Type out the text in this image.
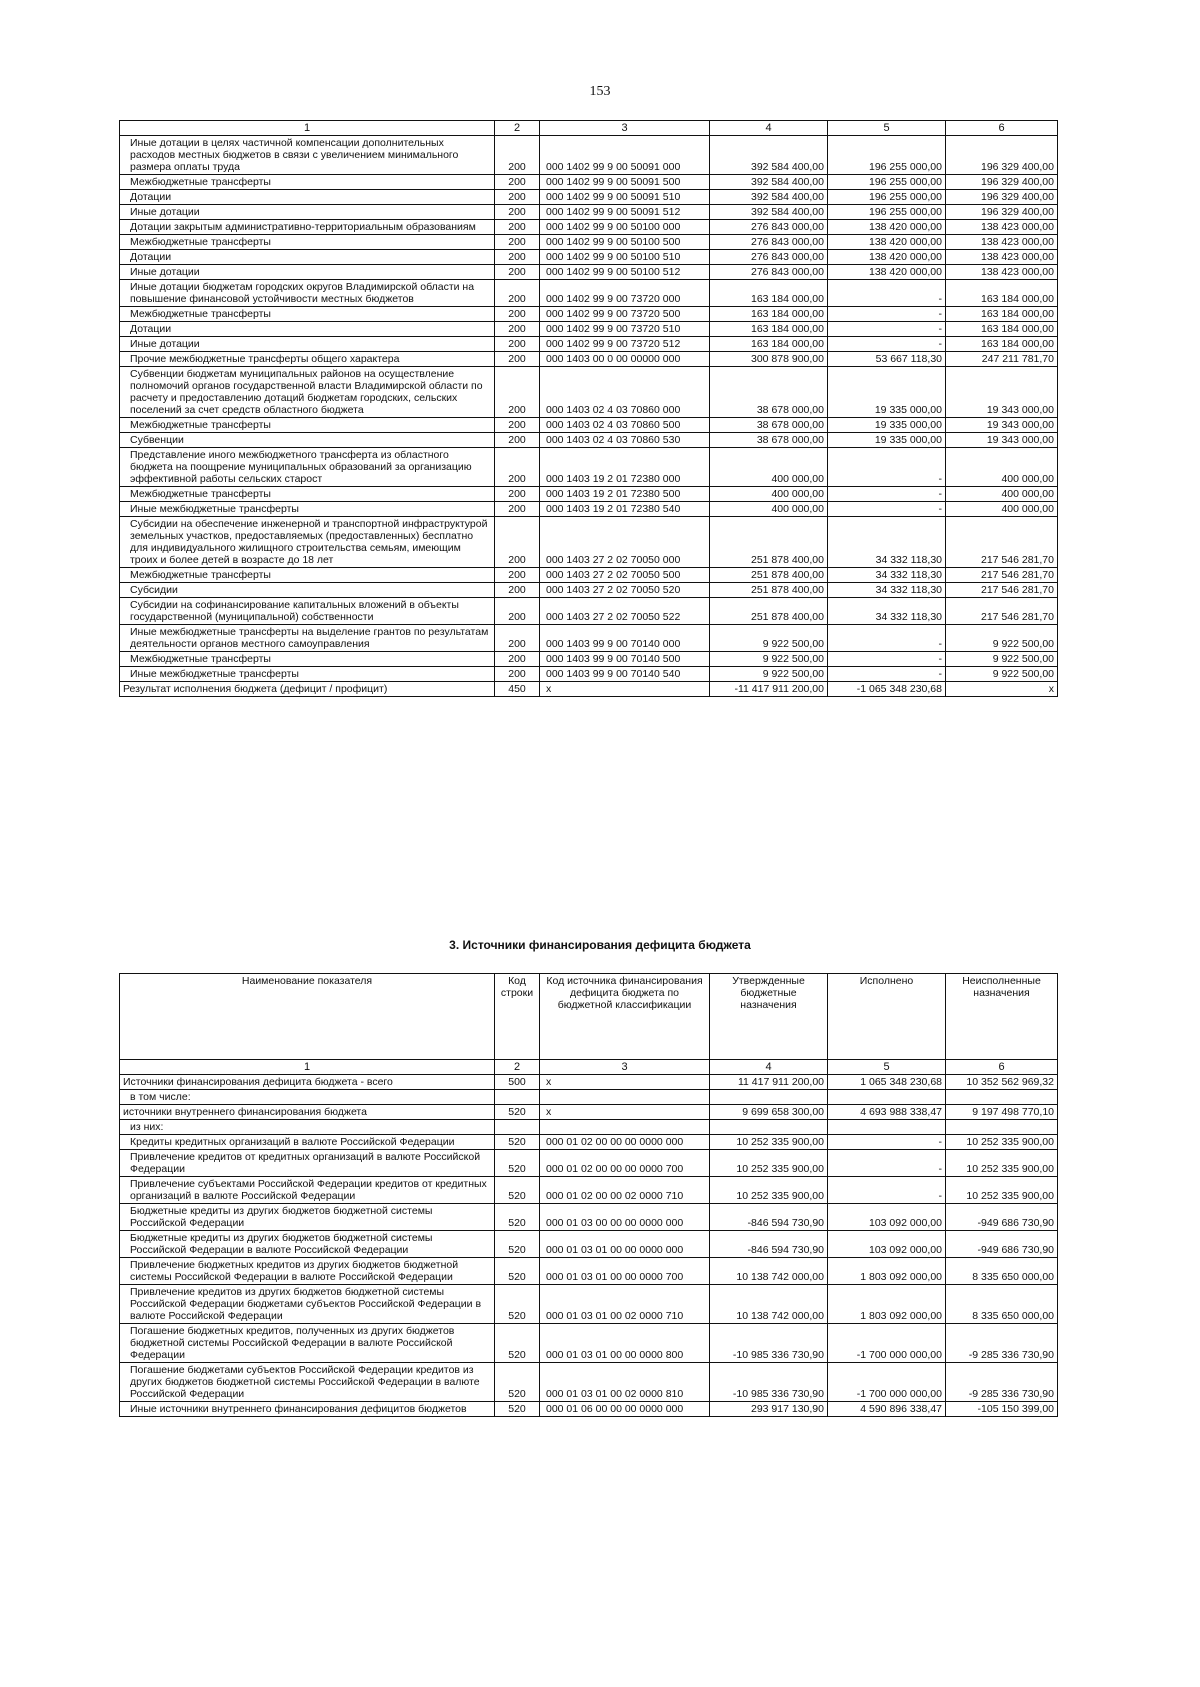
153
1	2	3	4	5	6
Иные дотации в целях частичной компенсации дополнительных расходов местных бюджетов в связи с увеличением минимального размера оплаты труда	200	000 1402 99 9 00 50091 000	392 584 400,00	196 255 000,00	196 329 400,00
Межбюджетные трансферты	200	000 1402 99 9 00 50091 500	392 584 400,00	196 255 000,00	196 329 400,00
Дотации	200	000 1402 99 9 00 50091 510	392 584 400,00	196 255 000,00	196 329 400,00
Иные дотации	200	000 1402 99 9 00 50091 512	392 584 400,00	196 255 000,00	196 329 400,00
Дотации закрытым административно-территориальным образованиям	200	000 1402 99 9 00 50100 000	276 843 000,00	138 420 000,00	138 423 000,00
Межбюджетные трансферты	200	000 1402 99 9 00 50100 500	276 843 000,00	138 420 000,00	138 423 000,00
Дотации	200	000 1402 99 9 00 50100 510	276 843 000,00	138 420 000,00	138 423 000,00
Иные дотации	200	000 1402 99 9 00 50100 512	276 843 000,00	138 420 000,00	138 423 000,00
Иные дотации бюджетам городских округов Владимирской области на повышение финансовой устойчивости местных бюджетов	200	000 1402 99 9 00 73720 000	163 184 000,00	-	163 184 000,00
Межбюджетные трансферты	200	000 1402 99 9 00 73720 500	163 184 000,00	-	163 184 000,00
Дотации	200	000 1402 99 9 00 73720 510	163 184 000,00	-	163 184 000,00
Иные дотации	200	000 1402 99 9 00 73720 512	163 184 000,00	-	163 184 000,00
Прочие межбюджетные трансферты общего характера	200	000 1403 00 0 00 00000 000	300 878 900,00	53 667 118,30	247 211 781,70
Субвенции бюджетам муниципальных районов на осуществление полномочий органов государственной власти Владимирской области по расчету и предоставлению дотаций бюджетам городских, сельских поселений за счет средств областного бюджета	200	000 1403 02 4 03 70860 000	38 678 000,00	19 335 000,00	19 343 000,00
Межбюджетные трансферты	200	000 1403 02 4 03 70860 500	38 678 000,00	19 335 000,00	19 343 000,00
Субвенции	200	000 1403 02 4 03 70860 530	38 678 000,00	19 335 000,00	19 343 000,00
Представление иного межбюджетного трансферта из областного бюджета на поощрение муниципальных образований за организацию эффективной работы сельских старост	200	000 1403 19 2 01 72380 000	400 000,00	-	400 000,00
Межбюджетные трансферты	200	000 1403 19 2 01 72380 500	400 000,00	-	400 000,00
Иные межбюджетные трансферты	200	000 1403 19 2 01 72380 540	400 000,00	-	400 000,00
Субсидии на обеспечение инженерной и транспортной инфраструктурой земельных участков, предоставляемых (предоставленных) бесплатно для индивидуального жилищного строительства семьям, имеющим троих и более детей в возрасте до 18 лет	200	000 1403 27 2 02 70050 000	251 878 400,00	34 332 118,30	217 546 281,70
Межбюджетные трансферты	200	000 1403 27 2 02 70050 500	251 878 400,00	34 332 118,30	217 546 281,70
Субсидии	200	000 1403 27 2 02 70050 520	251 878 400,00	34 332 118,30	217 546 281,70
Субсидии на софинансирование капитальных вложений в объекты государственной (муниципальной) собственности	200	000 1403 27 2 02 70050 522	251 878 400,00	34 332 118,30	217 546 281,70
Иные межбюджетные трансферты на выделение грантов по результатам деятельности органов местного самоуправления	200	000 1403 99 9 00 70140 000	9 922 500,00	-	9 922 500,00
Межбюджетные трансферты	200	000 1403 99 9 00 70140 500	9 922 500,00	-	9 922 500,00
Иные межбюджетные трансферты	200	000 1403 99 9 00 70140 540	9 922 500,00	-	9 922 500,00
Результат исполнения бюджета (дефицит / профицит)	450	x	-11 417 911 200,00	-1 065 348 230,68	x
3. Источники финансирования дефицита бюджета
Наименование показателя	Код строки	Код источника финансирования дефицита бюджета по бюджетной классификации	Утвержденные бюджетные назначения	Исполнено	Неисполненные назначения
1	2	3	4	5	6
Источники финансирования дефицита бюджета - всего	500	x	11 417 911 200,00	1 065 348 230,68	10 352 562 969,32
в том числе:					
источники внутреннего финансирования бюджета	520	x	9 699 658 300,00	4 693 988 338,47	9 197 498 770,10
из них:					
Кредиты кредитных организаций в валюте Российской Федерации	520	000 01 02 00 00 00 0000 000	10 252 335 900,00	-	10 252 335 900,00
Привлечение кредитов от кредитных организаций в валюте Российской Федерации	520	000 01 02 00 00 00 0000 700	10 252 335 900,00	-	10 252 335 900,00
Привлечение субъектами Российской Федерации кредитов от кредитных организаций в валюте Российской Федерации	520	000 01 02 00 00 02 0000 710	10 252 335 900,00	-	10 252 335 900,00
Бюджетные кредиты из других бюджетов бюджетной системы Российской Федерации	520	000 01 03 00 00 00 0000 000	-846 594 730,90	103 092 000,00	-949 686 730,90
Бюджетные кредиты из других бюджетов бюджетной системы Российской Федерации в валюте Российской Федерации	520	000 01 03 01 00 00 0000 000	-846 594 730,90	103 092 000,00	-949 686 730,90
Привлечение бюджетных кредитов из других бюджетов бюджетной системы Российской Федерации в валюте Российской Федерации	520	000 01 03 01 00 00 0000 700	10 138 742 000,00	1 803 092 000,00	8 335 650 000,00
Привлечение кредитов из других бюджетов бюджетной системы Российской Федерации бюджетами субъектов Российской Федерации в валюте Российской Федерации	520	000 01 03 01 00 02 0000 710	10 138 742 000,00	1 803 092 000,00	8 335 650 000,00
Погашение бюджетных кредитов, полученных из других бюджетов бюджетной системы Российской Федерации в валюте Российской Федерации	520	000 01 03 01 00 00 0000 800	-10 985 336 730,90	-1 700 000 000,00	-9 285 336 730,90
Погашение бюджетами субъектов Российской Федерации кредитов из других бюджетов бюджетной системы Российской Федерации в валюте Российской Федерации	520	000 01 03 01 00 02 0000 810	-10 985 336 730,90	-1 700 000 000,00	-9 285 336 730,90
Иные источники внутреннего финансирования дефицитов бюджетов	520	000 01 06 00 00 00 0000 000	293 917 130,90	4 590 896 338,47	-105 150 399,00
